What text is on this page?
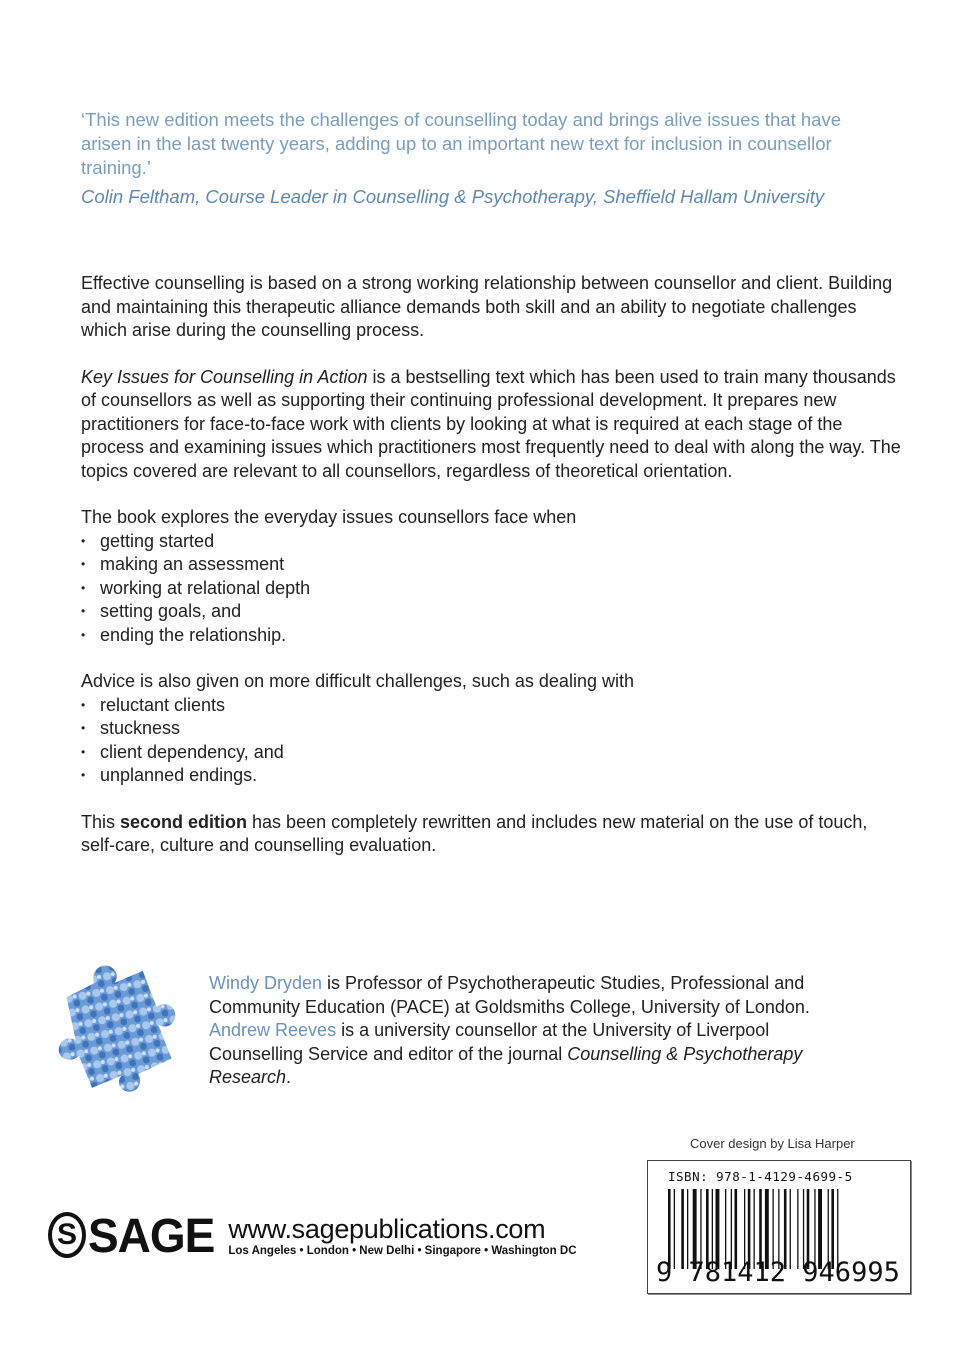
‘This new edition meets the challenges of counselling today and brings alive issues that have arisen in the last twenty years, adding up to an important new text for inclusion in counsellor training.’
Colin Feltham, Course Leader in Counselling & Psychotherapy, Sheffield Hallam University

Effective counselling is based on a strong working relationship between counsellor and client. Building and maintaining this therapeutic alliance demands both skill and an ability to negotiate challenges which arise during the counselling process.

Key Issues for Counselling in Action is a bestselling text which has been used to train many thousands of counsellors as well as supporting their continuing professional development. It prepares new practitioners for face-to-face work with clients by looking at what is required at each stage of the process and examining issues which practitioners most frequently need to deal with along the way. The topics covered are relevant to all counsellors, regardless of theoretical orientation.

The book explores the everyday issues counsellors face when
• getting started
• making an assessment
• working at relational depth
• setting goals, and
• ending the relationship.
Advice is also given on more difficult challenges, such as dealing with
• reluctant clients
• stuckness
• client dependency, and
• unplanned endings.

This second edition has been completely rewritten and includes new material on the use of touch, self-care, culture and counselling evaluation.

Windy Dryden is Professor of Psychotherapeutic Studies, Professional and Community Education (PACE) at Goldsmiths College, University of London.
Andrew Reeves is a university counsellor at the University of Liverpool Counselling Service and editor of the journal Counselling & Psychotherapy Research.
Cover design by Lisa Harper
S SAGE www.sagepublications.com
Los Angeles • London • New Delhi • Singapore • Washington DC
ISBN: 978-1-4129-4699-5
9 781412 946995
